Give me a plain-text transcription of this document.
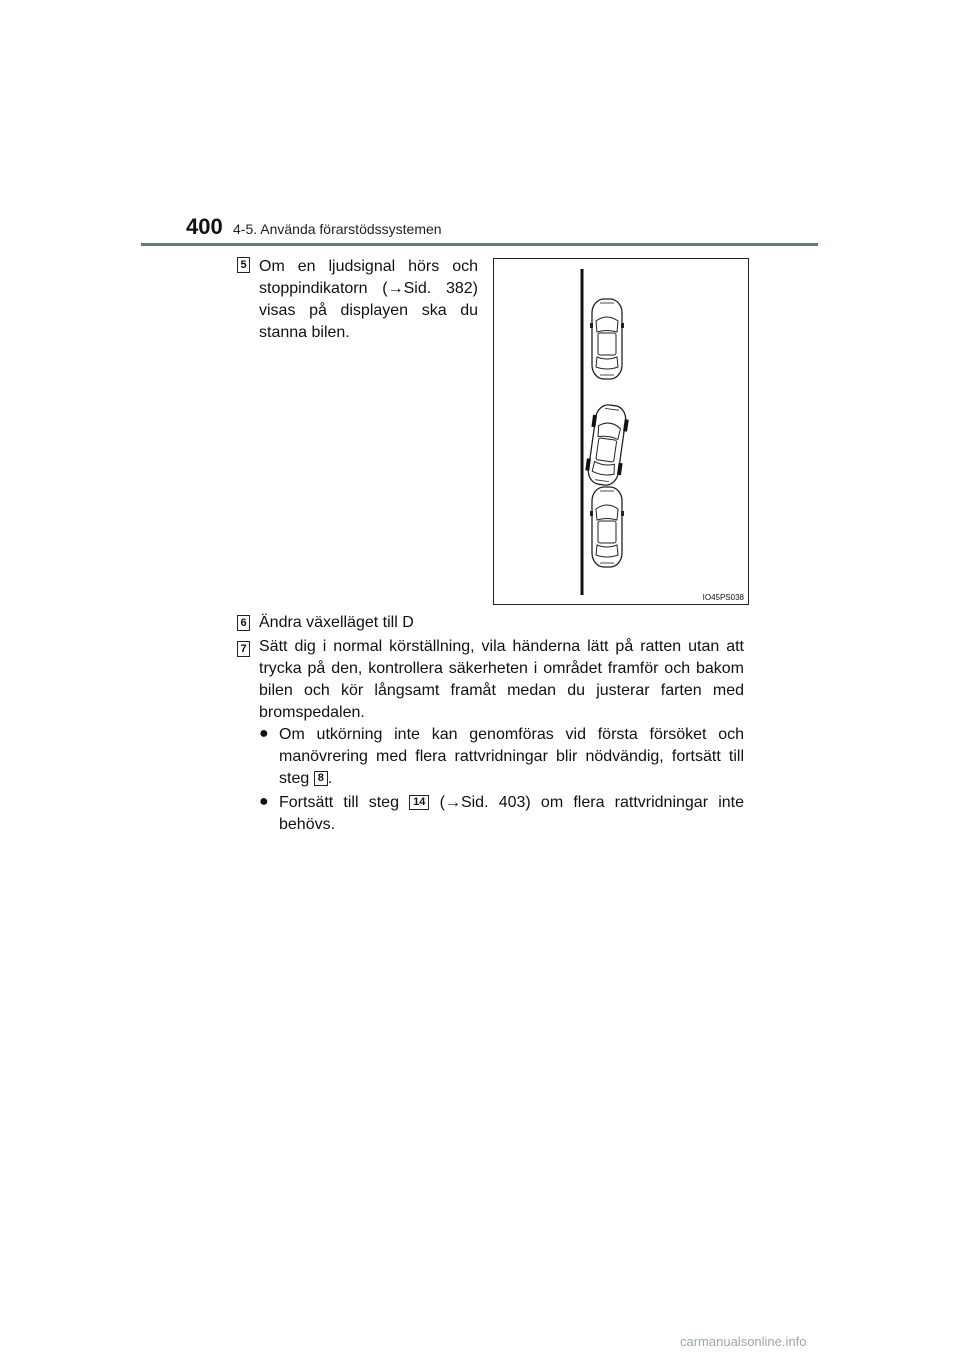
400 4-5. Använda förarstödssystemen
5 Om en ljudsignal hörs och
stoppindikatorn (→Sid. 382)
visas på displayen ska du
stanna bilen.
IO45PS038
6 Ändra växelläget till D
7 Sätt dig i normal körställning, vila händerna lätt på ratten utan att trycka på den, kontrollera säkerheten i området framför och bakom bilen och kör långsamt framåt medan du justerar farten med bromspedalen.
● Om utkörning inte kan genomföras vid första försöket och manövrering med flera rattvridningar blir nödvändig, fortsätt till steg 8 .
● Fortsätt till steg 14 (→Sid. 403) om flera rattvridningar inte behövs.
carmanualsonline.info
